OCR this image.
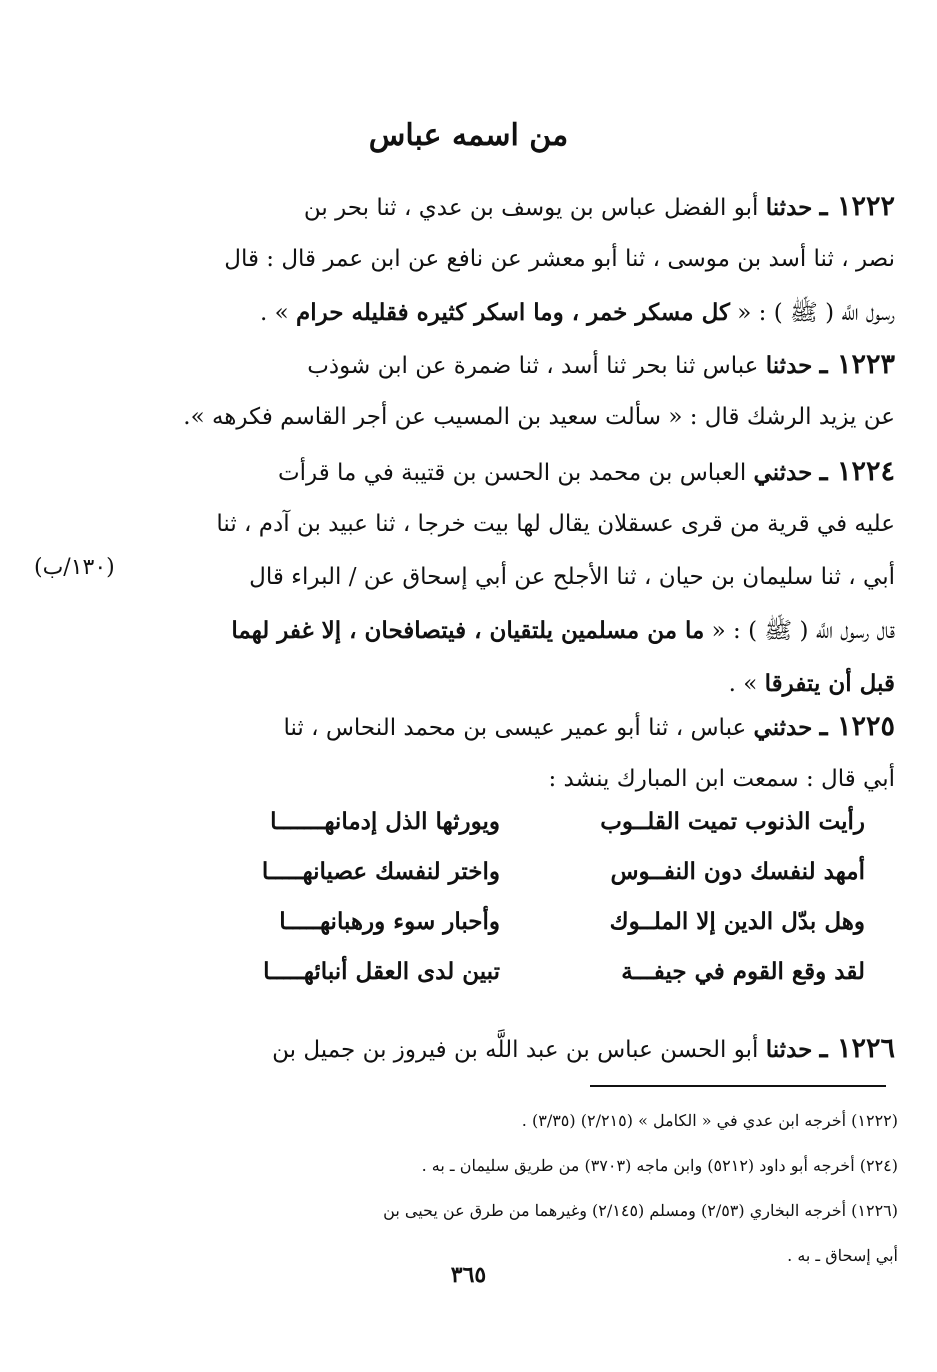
من اسمه عباس
١٢٢٢ ـ حدثنا أبو الفضل عباس بن يوسف بن عدي ، ثنا بحر بن
نصر ، ثنا أسد بن موسى ، ثنا أبو معشر عن نافع عن ابن عمر قال : قال
رسول اللَّه ( ﷺ ) : « كل مسكر خمر ، وما اسكر كثيره فقليله حرام » .
١٢٢٣ ـ حدثنا عباس ثنا بحر ثنا أسد ، ثنا ضمرة عن ابن شوذب
عن يزيد الرشك قال : « سألت سعيد بن المسيب عن أجر القاسم فكرهه ».
١٢٢٤ ـ حدثني العباس بن محمد بن الحسن بن قتيبة في ما قرأت
عليه في قرية من قرى عسقلان يقال لها بيت خرجا ، ثنا عبيد بن آدم ، ثنا
أبي ، ثنا سليمان بن حيان ، ثنا الأجلح عن أبي إسحاق عن / البراء قال
قال رسول اللَّه ( ﷺ ) : « ما من مسلمين يلتقيان ، فيتصافحان ، إلا غفر لهما
قبل أن يتفرقا » .
(١٣٠/ب)
١٢٢٥ ـ حدثني عباس ، ثنا أبو عمير عيسى بن محمد النحاس ، ثنا
أبي قال : سمعت ابن المبارك ينشد :
رأيت الذنوب تميت القلــوب
ويورثها الذل إدمانهـــــــا
أمهد لنفسك دون النفــوس
واختر لنفسك عصيانهـــــا
وهل بدّل الدين إلا الملــوك
وأحبار سوء ورهبانهـــــا
لقد وقع القوم في جيفـــة
تبين لدى العقل أنبائهـــــا
١٢٢٦ ـ حدثنا أبو الحسن عباس بن عبد اللَّه بن فيروز بن جميل بن
(١٢٢٢) أخرجه ابن عدي في « الكامل » (٢/٢١٥) (٣/٣٥) .
(٢٢٤) أخرجه أبو داود (٥٢١٢) وابن ماجه (٣٧٠٣) من طريق سليمان ـ به .
(١٢٢٦) أخرجه البخاري (٢/٥٣) ومسلم (٢/١٤٥) وغيرهما من طرق عن يحيى بن
أبي إسحاق ـ به .
٣٦٥
